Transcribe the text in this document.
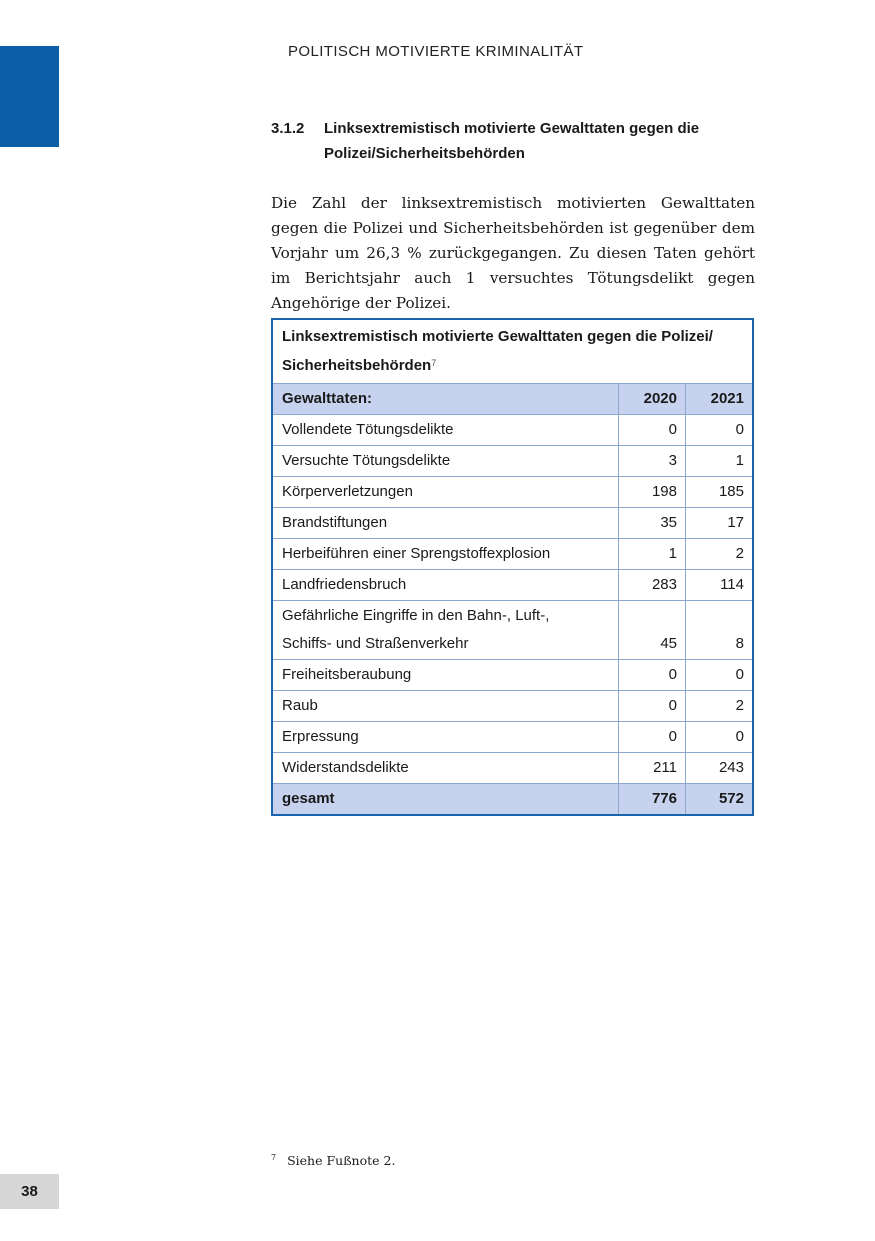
POLITISCH MOTIVIERTE KRIMINALITÄT
3.1.2 Linksextremistisch motivierte Gewalttaten gegen die Polizei/Sicherheitsbehörden
Die Zahl der linksextremistisch motivierten Gewalttaten gegen die Polizei und Sicherheitsbehörden ist gegenüber dem Vorjahr um 26,3 % zurückgegangen. Zu diesen Taten gehört im Berichtsjahr auch 1 versuchtes Tötungsdelikt gegen Angehörige der Polizei.
Linksextremistisch motivierte Gewalttaten gegen die Polizei/
Sicherheitsbehörden$^7$
Gewalttaten:	2020	2021
Vollendete Tötungsdelikte	0	0
Versuchte Tötungsdelikte	3	1
Körperverletzungen	198	185
Brandstiftungen	35	17
Herbeiführen einer Sprengstoffexplosion	1	2
Landfriedensbruch	283	114
Gefährliche Eingriffe in den Bahn-, Luft-,
Schiffs- und Straßenverkehr	45	8
Freiheitsberaubung	0	0
Raub	0	2
Erpressung	0	0
Widerstandsdelikte	211	243
gesamt	776	572
$^7$ Siehe Fußnote 2.
38
